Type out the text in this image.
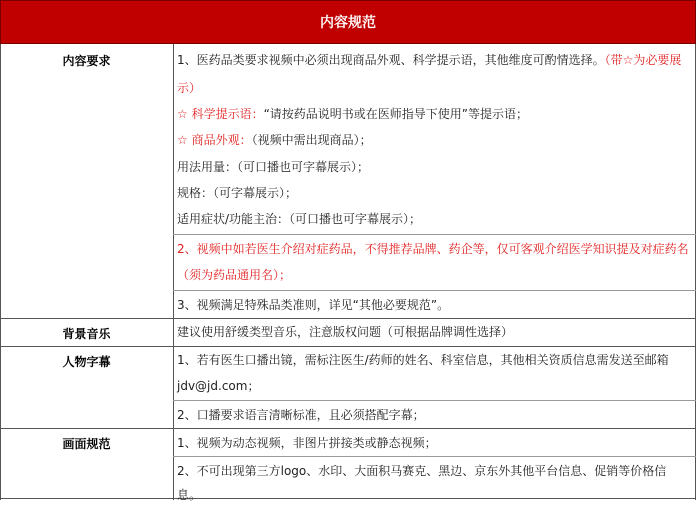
内容规范
内容要求	1、医药品类要求视频中必须出现商品外观、科学提示语，其他维度可酌情选择。（带☆为必要展
示）
☆ 科学提示语：“请按药品说明书或在医师指导下使用”等提示语；
☆ 商品外观：（视频中需出现商品）；
用法用量：（可口播也可字幕展示）；
规格：（可字幕展示）；
适用症状/功能主治：（可口播也可字幕展示）；
2、视频中如若医生介绍对症药品，不得推荐品牌、药企等，仅可客观介绍医学知识提及对症药名
（须为药品通用名）；
3、视频满足特殊品类准则，详见“其他必要规范”。
背景音乐	建议使用舒缓类型音乐，注意版权问题（可根据品牌调性选择）
人物字幕	1、若有医生口播出镜，需标注医生/药师的姓名、科室信息，其他相关资质信息需发送至邮箱
jdv@jd.com；
2、口播要求语言清晰标准，且必须搭配字幕；
画面规范	1、视频为动态视频，非图片拼接类或静态视频；
2、不可出现第三方logo、水印、大面积马赛克、黑边、京东外其他平台信息、促销等价格信息。
